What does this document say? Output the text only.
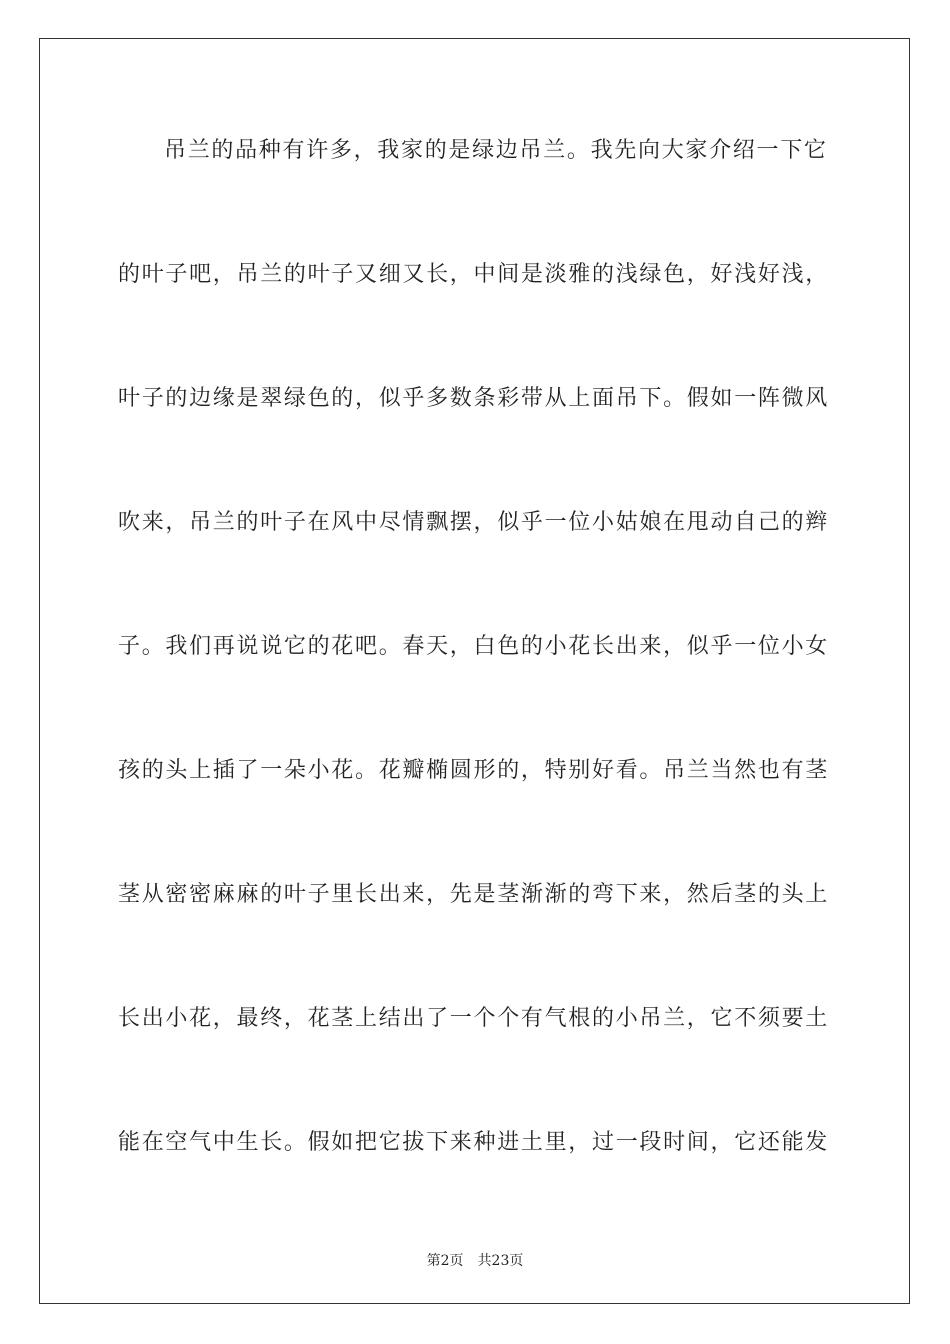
吊兰的品种有许多，我家的是绿边吊兰。我先向大家介绍一下它
的叶子吧，吊兰的叶子又细又长，中间是淡雅的浅绿色，好浅好浅，
叶子的边缘是翠绿色的，似乎多数条彩带从上面吊下。假如一阵微风
吹来，吊兰的叶子在风中尽情飘摆，似乎一位小姑娘在甩动自己的辫
子。我们再说说它的花吧。春天，白色的小花长出来，似乎一位小女
孩的头上插了一朵小花。花瓣椭圆形的，特别好看。吊兰当然也有茎
茎从密密麻麻的叶子里长出来，先是茎渐渐的弯下来，然后茎的头上
长出小花，最终，花茎上结出了一个个有气根的小吊兰，它不须要土
能在空气中生长。假如把它拔下来种进土里，过一段时间，它还能发
第2页 共23页
